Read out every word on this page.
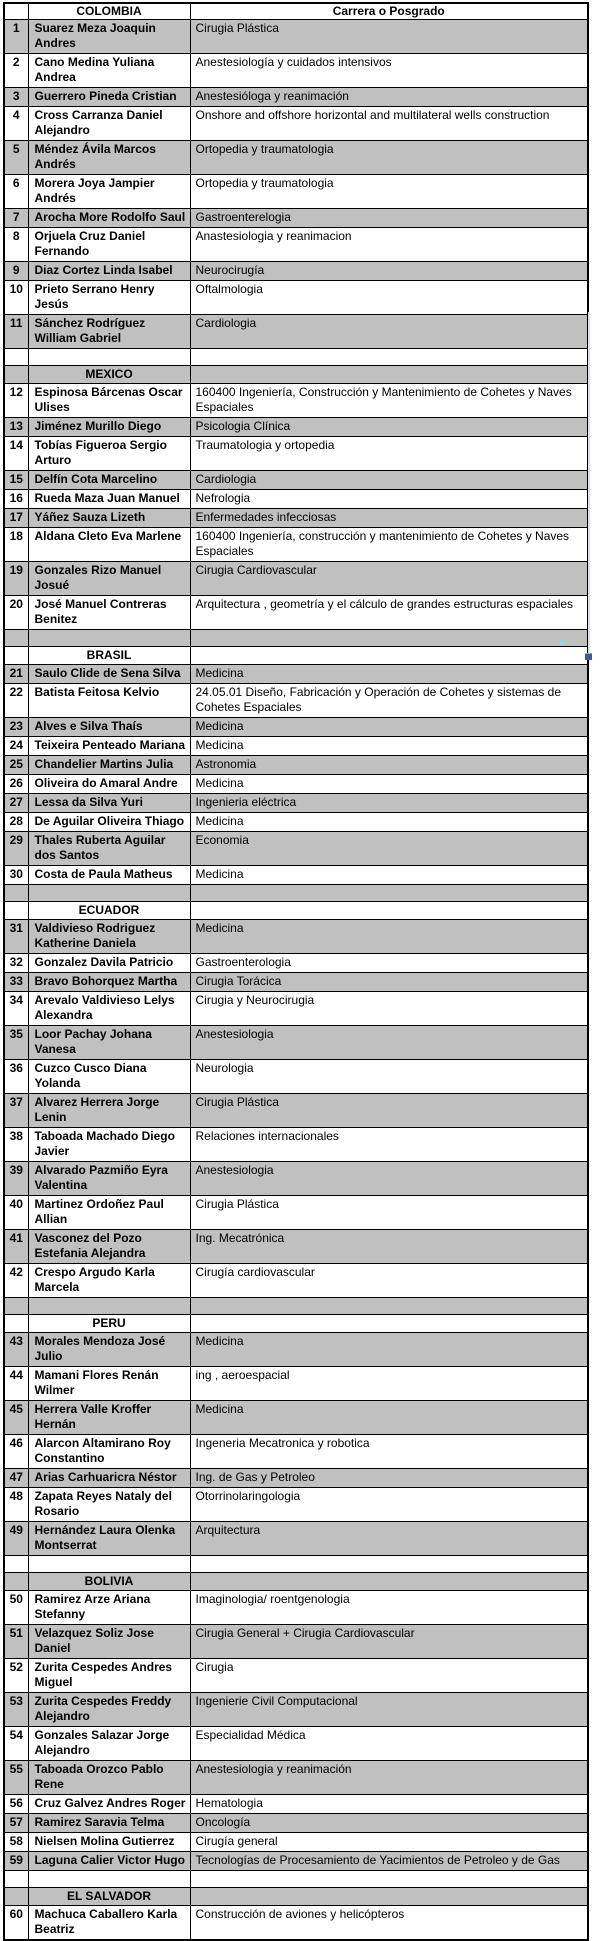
	COLOMBIA	Carrera o Posgrado
1	Suarez Meza Joaquin Andres	Cirugia Plástica
2	Cano Medina Yuliana Andrea	Anestesiología y cuidados intensivos
3	Guerrero Pineda Cristian	Anestesióloga y reanimación
4	Cross Carranza Daniel Alejandro	Onshore and offshore horizontal and multilateral wells construction
5	Méndez Ávila Marcos Andrés	Ortopedia y traumatologia
6	Morera Joya Jampier Andrés	Ortopedia y traumatologia
7	Arocha More Rodolfo Saul	Gastroenterelogia
8	Orjuela Cruz Daniel Fernando	Anastesiologia y reanimacion
9	Diaz Cortez Linda Isabel	Neurocirugía
10	Prieto Serrano Henry Jesús	Oftalmologia
11	Sánchez Rodríguez William Gabriel	Cardiologia

	MEXICO	
12	Espinosa Bárcenas Oscar Ulises	160400 Ingeniería, Construcción y Mantenimiento de Cohetes y Naves Espaciales
13	Jiménez Murillo Diego	Psicologia Clínica
14	Tobías Figueroa Sergio Arturo	Traumatologia y ortopedia
15	Delfín Cota Marcelino	Cardiologia
16	Rueda Maza Juan Manuel	Nefrologia
17	Yáñez Sauza Lizeth	Enfermedades infecciosas
18	Aldana Cleto Eva Marlene	160400 Ingeniería, construcción y mantenimiento de Cohetes y Naves Espaciales
19	Gonzales Rizo Manuel Josué	Cirugia Cardiovascular
20	José Manuel Contreras Benitez	Arquitectura , geometría y el cálculo de grandes estructuras espaciales

	BRASIL	
21	Saulo Clide de Sena Silva	Medicina
22	Batista Feitosa Kelvio	24.05.01 Diseño, Fabricación y Operación de Cohetes y sistemas de Cohetes Espaciales
23	Alves e Silva Thaís	Medicina
24	Teixeira Penteado Mariana	Medicina
25	Chandelier Martins Julia	Astronomia
26	Oliveira do Amaral Andre	Medicina
27	Lessa da Silva Yuri	Ingenieria eléctrica
28	De Aguilar Oliveira Thiago	Medicina
29	Thales Ruberta Aguilar dos Santos	Economia
30	Costa de Paula Matheus	Medicina

	ECUADOR	
31	Valdivieso Rodriguez Katherine Daniela	Medicina
32	Gonzalez Davila Patricio	Gastroenterologia
33	Bravo Bohorquez Martha	Cirugia Torácica
34	Arevalo Valdivieso Lelys Alexandra	Cirugia y Neurocirugia
35	Loor Pachay Johana Vanesa	Anestesiologia
36	Cuzco Cusco Diana Yolanda	Neurologia
37	Alvarez Herrera Jorge Lenin	Cirugia Plástica
38	Taboada Machado Diego Javier	Relaciones internacionales
39	Alvarado Pazmiño Eyra Valentina	Anestesiologia
40	Martinez Ordoñez Paul Allian	Cirugia Plástica
41	Vasconez del Pozo Estefania Alejandra	Ing. Mecatrónica
42	Crespo Argudo Karla Marcela	Cirugía cardiovascular

	PERU	
43	Morales Mendoza José Julio	Medicina
44	Mamani Flores Renán Wilmer	ing , aeroespacial
45	Herrera Valle Kroffer Hernán	Medicina
46	Alarcon Altamirano Roy Constantino	Ingeneria Mecatronica y robotica
47	Arias Carhuaricra Néstor	Ing. de Gas y Petroleo
48	Zapata Reyes Nataly del Rosario	Otorrinolaringologia
49	Hernández Laura Olenka Montserrat	Arquitectura

	BOLIVIA	
50	Ramirez Arze Ariana Stefanny	Imaginologia/ roentgenologia
51	Velazquez Soliz Jose Daniel	Cirugia General + Cirugia Cardiovascular
52	Zurita Cespedes Andres Miguel	Cirugia
53	Zurita Cespedes Freddy Alejandro	Ingenierie Civil Computacional
54	Gonzales Salazar Jorge Alejandro	Especialidad Médica
55	Taboada Orozco Pablo Rene	Anestesiologia y reanimación
56	Cruz Galvez Andres Roger	Hematologia
57	Ramirez Saravia Telma	Oncología
58	Nielsen Molina Gutierrez	Cirugía general
59	Laguna Calier Victor Hugo	Tecnologías de Procesamiento de Yacimientos de Petroleo y de Gas

	EL SALVADOR	
60	Machuca Caballero Karla Beatriz	Construcción de aviones y helicópteros
